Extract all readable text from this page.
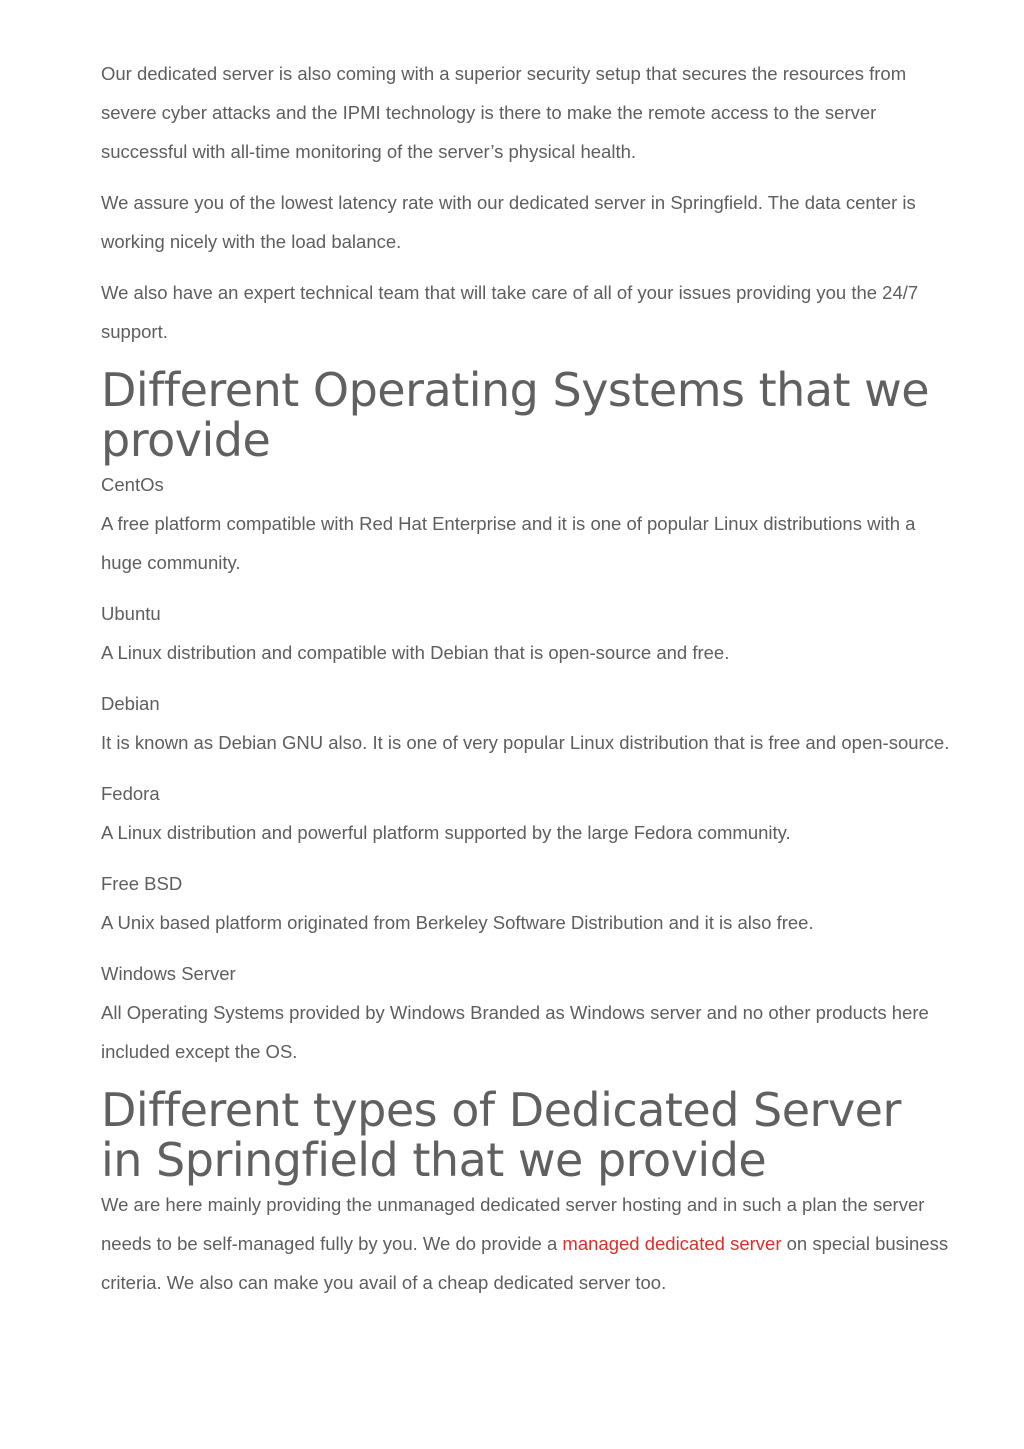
Our dedicated server is also coming with a superior security setup that secures the resources from severe cyber attacks and the IPMI technology is there to make the remote access to the server successful with all-time monitoring of the server’s physical health.

We assure you of the lowest latency rate with our dedicated server in Springfield. The data center is working nicely with the load balance.

We also have an expert technical team that will take care of all of your issues providing you the 24/7 support.

Different Operating Systems that we provide

CentOs

A free platform compatible with Red Hat Enterprise and it is one of popular Linux distributions with a huge community.

Ubuntu

A Linux distribution and compatible with Debian that is open-source and free.

Debian

It is known as Debian GNU also. It is one of very popular Linux distribution that is free and open-source.

Fedora

A Linux distribution and powerful platform supported by the large Fedora community.

Free BSD

A Unix based platform originated from Berkeley Software Distribution and it is also free.

Windows Server

All Operating Systems provided by Windows Branded as Windows server and no other products here included except the OS.

Different types of Dedicated Server in Springfield that we provide

We are here mainly providing the unmanaged dedicated server hosting and in such a plan the server needs to be self-managed fully by you. We do provide a managed dedicated server on special business criteria. We also can make you avail of a cheap dedicated server too.
